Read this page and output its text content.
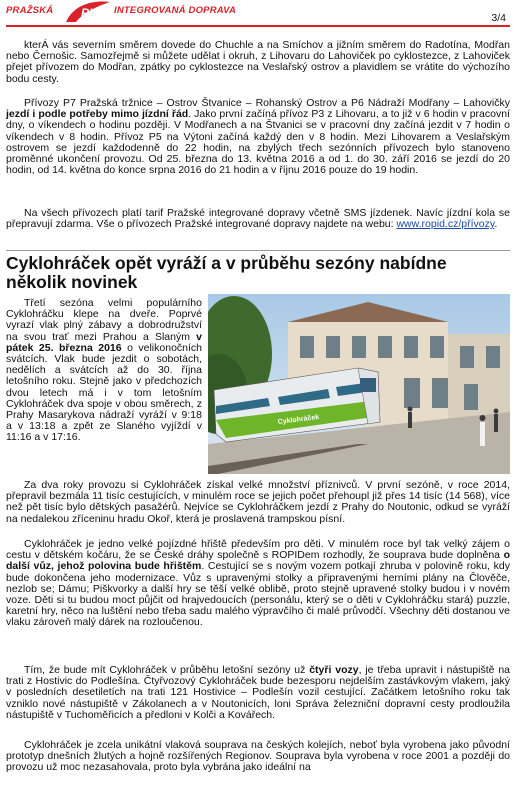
PRAŽSKÁ PID INTEGROVANÁ DOPRAVA
3/4

kterÁ vás severním směrem dovede do Chuchle a na Smíchov a jižním směrem do Radotína, Modřan nebo Černošic. Samozřejmě si můžete udělat i okruh, z Lihovaru do Lahoviček po cyklostezce, z Lahoviček přejet přívozem do Modřan, zpátky po cyklostezce na Veslařský ostrov a plavidlem se vrátite do výchozího bodu cesty.

Přívozy P7 Pražská tržnice – Ostrov Štvanice – Rohanský Ostrov a P6 Nádraží Modřany – Lahovičky jezdí i podle potřeby mimo jízdní řád. Jako první začíná přívoz P3 z Lihovaru, a to již v 6 hodin v pracovní dny, o víkendech o hodinu později. V Modřanech a na Štvanici se v pracovní dny začíná jezdit v 7 hodin o víkendech v 8 hodin. Přívoz P5 na Výtoni začíná každý den v 8 hodin. Mezi Lihovarem a Veslařským ostrovem se jezdí každodenně do 22 hodin, na zbylých třech sezónních přívozech bylo stanoveno proměnné ukončení provozu. Od 25. března do 13. května 2016 a od 1. do 30. září 2016 se jezdí do 20 hodin, od 14. května do konce srpna 2016 do 21 hodin a v říjnu 2016 pouze do 19 hodin.

Na všech přívozech platí tarif Pražské integrované dopravy včetně SMS jízdenek. Navíc jízdní kola se přepravují zdarma. Vše o přívozech Pražské integrované dopravy najdete na webu: www.ropid.cz/přívozy.

Cyklohráček opět vyráží a v průběhu sezóny nabídne několik novinek

Třetí sezóna velmi populárního Cyklohráčku klepe na dveře. Poprvé vyrazí vlak plný zábavy a dobrodružství na svou trať mezi Prahou a Slaným v pátek 25. března 2016 o velikonočních svátcích. Vlak bude jezdit o sobotách, nedělích a svátcích až do 30. října letošního roku. Stejně jako v předchozích dvou letech má i v tom letošním Cyklohráček dva spoje v obou směrech, z Prahy Masarykova nádraží vyráží v 9:18 a v 13:18 a zpět ze Slaného vyjíždí v 11:16 a v 17:16.

Cyklohráček

Za dva roky provozu si Cyklohráček získal velké množství příznivců. V první sezóně, v roce 2014, přepravil bezmála 11 tisíc cestujících, v minulém roce se jejich počet přehoupl již přes 14 tisíc (14 568), více než pět tisíc bylo dětských pasažérů. Nejvíce se Cyklohráčkem jezdí z Prahy do Noutonic, odkud se vyráží na nedalekou zříceninu hradu Okoř, která je proslavená trampskou písní.

Cyklohráček je jedno velké pojízdné hřiště především pro děti. V minulém roce byl tak velký zájem o cestu v dětském kočáru, že se České dráhy společně s ROPIDem rozhodly, že souprava bude doplněna o další vůz, jehož polovina bude hřištěm. Cestující se s novým vozem potkají zhruba v polovině roku, kdy bude dokončena jeho modernizace. Vůz s upravenými stolky a připravenými herními plány na Člověče, nezlob se; Dámu; Piškvorky a další hry se těší velké oblibě, proto stejně upravené stolky budou i v novém voze. Děti si tu budou moct půjčit od hrajvedoucích (personálu, který se o děti v Cyklohráčku stará) puzzle, karetní hry, něco na luštění nebo třeba sadu malého výpravčího či malé průvodčí. Všechny děti dostanou ve vlaku zároveň malý dárek na rozloučenou.

Tím, že bude mít Cyklohráček v průběhu letošní sezóny už čtyři vozy, je třeba upravit i nástupiště na trati z Hostivic do Podlešína. Čtyřvozový Cyklohráček bude bezesporu nejdelším zastávkovým vlakem, jaký v posledních desetiletích na trati 121 Hostivice – Podlešín vozil cestující. Začátkem letošního roku tak vzniklo nové nástupiště v Zákolanech a v Noutonicích, loni Správa železniční dopravní cesty prodloužila nástupiště v Tuchoměřicích a předloni v Kolči a Kovářech.

Cyklohráček je zcela unikátní vlaková souprava na českých kolejích, neboť byla vyrobena jako původní prototyp dnešních žlutých a hojně rozšířených Regionov. Souprava byla vyrobena v roce 2001 a později do provozu už moc nezasahovala, proto byla vybrána jako ideální na
